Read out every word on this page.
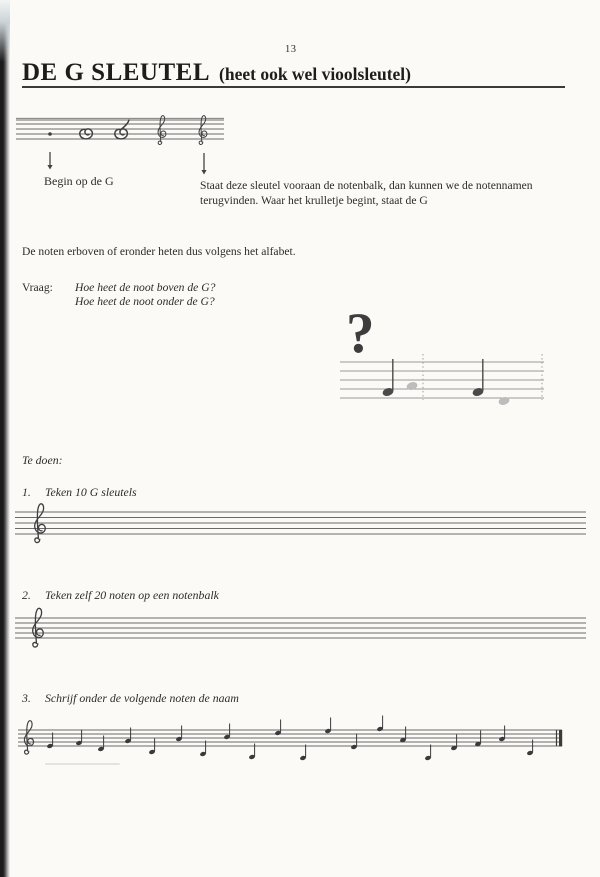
13
DE G SLEUTEL (heet ook wel vioolsleutel)
Begin op de G	Staat deze sleutel vooraan de notenbalk, dan kunnen we de notennamen terugvinden. Waar het krulletje begint, staat de G
De noten erboven of eronder heten dus volgens het alfabet.
Vraag: Hoe heet de noot boven de G?
Hoe heet de noot onder de G?
?
Te doen:
1.	Teken 10 G sleutels
2.	Teken zelf 20 noten op een notenbalk
3.	Schrijf onder de volgende noten de naam
